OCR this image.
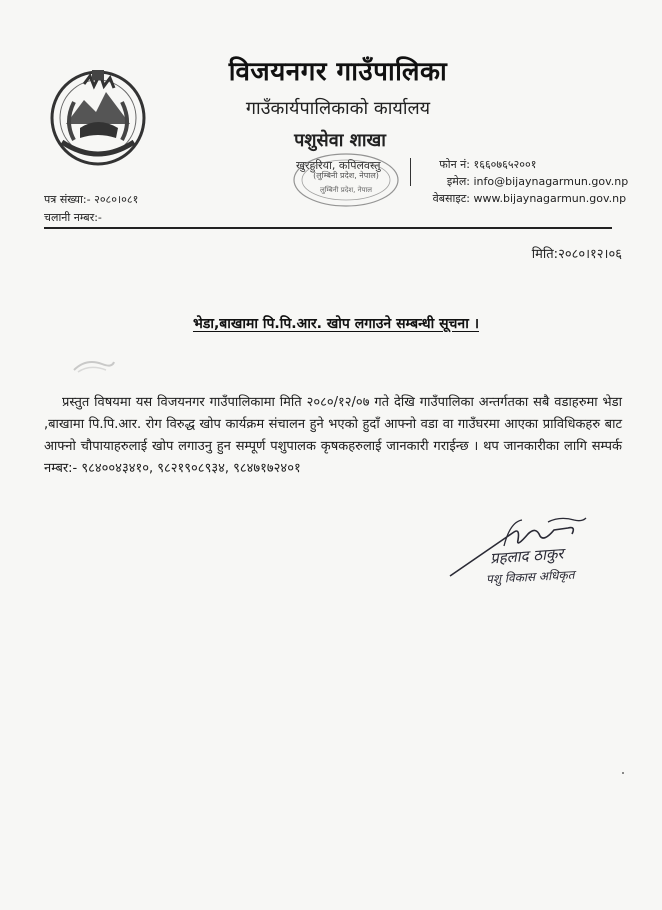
विजयनगर गाउँपालिका
गाउँकार्यपालिकाको कार्यालय
पशुसेवा शाखा
खुरहुरिया, कपिलवस्तु
(लुम्बिनी प्रदेश, नेपाल)
लुम्बिनी प्रदेश, नेपाल
फोन नं: १६६०७६५२००१
इमेल: info@bijaynagarmun.gov.np
वेबसाइट: www.bijaynagarmun.gov.np
पत्र संख्या:- २०८०।०८१
चलानी नम्बर:-
मिति:२०८०।१२।०६
भेडा,बाखामा पि.पि.आर. खोप लगाउने सम्बन्धी सूचना ।
प्रस्तुत विषयमा यस विजयनगर गाउँपालिकामा मिति २०८०/१२/०७ गते देखि गाउँपालिका अन्तर्गतका सबै वडाहरुमा भेडा ,बाखामा पि.पि.आर. रोग विरुद्ध खोप कार्यक्रम संचालन हुने भएको हुदाँ आफ्नो वडा वा गाउँघरमा आएका प्राविधिकहरु बाट आफ्नो चौपायाहरुलाई खोप लगाउनु हुन सम्पूर्ण पशुपालक कृषकहरुलाई जानकारी गराईन्छ । थप जानकारीका लागि सम्पर्क नम्बर:- ९८४००४३४१०, ९८२१९०८९३४, ९८४७१७२४०१
प्रहलाद ठाकुर
पशु विकास अधिकृत
